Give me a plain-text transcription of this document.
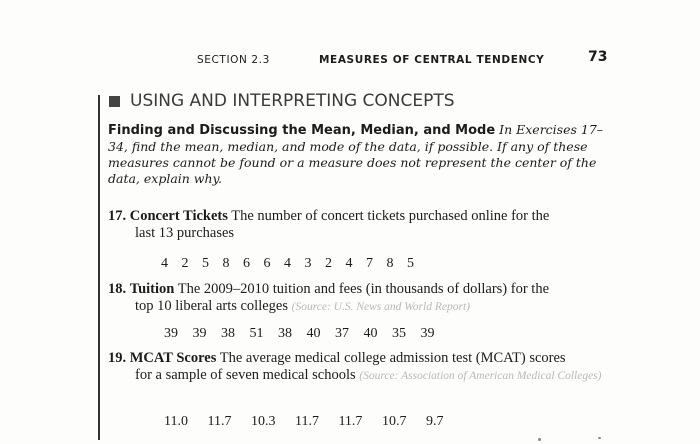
SECTION 2.3	MEASURES OF CENTRAL TENDENCY	73
USING AND INTERPRETING CONCEPTS
Finding and Discussing the Mean, Median, and Mode In Exercises 17–34, find the mean, median, and mode of the data, if possible. If any of these measures cannot be found or a measure does not represent the center of the data, explain why.
17. Concert Tickets The number of concert tickets purchased online for the
last 13 purchases
4 2 5 8 6 6 4 3 2 4 7 8 5
18. Tuition The 2009–2010 tuition and fees (in thousands of dollars) for the
top 10 liberal arts colleges (Source: U.S. News and World Report)
39 39 38 51 38 40 37 40 35 39
19. MCAT Scores The average medical college admission test (MCAT) scores
for a sample of seven medical schools (Source: Association of American Medical Colleges)
11.0 11.7 10.3 11.7 11.7 10.7 9.7
